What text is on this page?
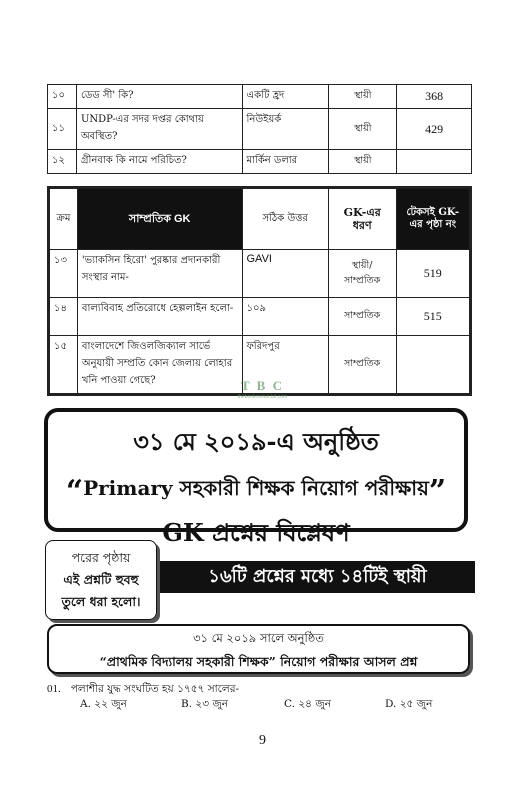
১০	ডেড সী' কি?	একটি হ্রদ	স্থায়ী	368
১১	UNDP-এর সদর দপ্তর কোথায় অবস্থিত?	নিউইয়র্ক	স্থায়ী	429
১২	গ্রীনবাক কি নামে পরিচিত?	মার্কিন ডলার	স্থায়ী	
ক্রম	সাম্প্রতিক GK	সঠিক উত্তর	GK-এর ধরণ	টেকসই GK-এর পৃষ্ঠা নং
১৩	'ভ্যাকসিন হিরো' পুরষ্কার প্রদানকারী সংস্থার নাম-	GAVI	স্থায়ী/ সাম্প্রতিক	519
১৪	বাল্যবিবাহ প্রতিরোধে হেল্পলাইন হলো-	১০৯	সাম্প্রতিক	515
১৫	বাংলাদেশে জিওলজিক্যাল সার্ভে অনুযায়ী সম্প্রতি কোন জেলায় লোহার খনি পাওয়া গেছে?	ফরিদপুর	সাম্প্রতিক	
T B C
thebookcorner.bd.com
৩১ মে ২০১৯-এ অনুষ্ঠিত
“Primary সহকারী শিক্ষক নিয়োগ পরীক্ষায়”
GK প্রশ্নের বিশ্লেষণ
পরের পৃষ্ঠায়
এই প্রশ্নটি হুবহু
তুলে ধরা হলো।
১৬টি প্রশ্নের মধ্যে ১৪টিই স্থায়ী
৩১ মে ২০১৯ সালে অনুষ্ঠিত
“প্রাথমিক বিদ্যালয় সহকারী শিক্ষক” নিয়োগ পরীক্ষার আসল প্রশ্ন
01. পলাশীর যুদ্ধ সংঘটিত হয় ১৭৫৭ সালের-
A. ২২ জুন	B. ২৩ জুন	C. ২৪ জুন	D. ২৫ জুন
9
